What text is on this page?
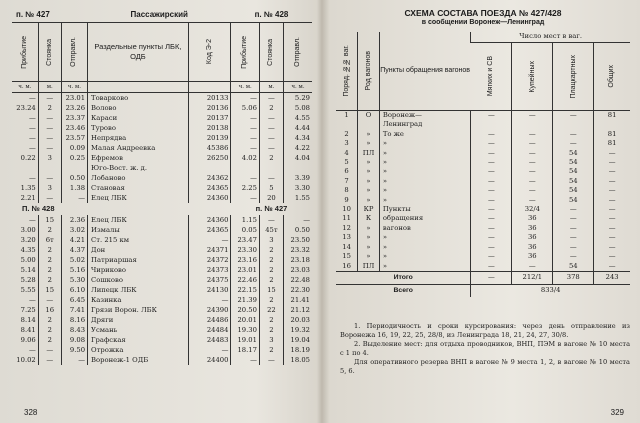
п. № 427			Пассажирский		п. № 428		

Прибытие	Стоянка	Отправл.	Раздельные пункты ЛБК, ОДБ	Код Э-2	Прибытие	Стоянка	Отправл.

ч. м.	м.	ч. м.			ч. м.	м.	ч. м.
—	—	23.01	Товарково	20133	—	—	5.29
23.24	2	23.26	Волово	20136	5.06	2	5.08
—	—	23.37	Караси	20137	—	—	4.55
—	—	23.46	Турово	20138	—	—	4.44
—	—	23.57	Непрядва	20139	—	—	4.34
—	—	0.09	Малая Андреевка	45386	—	—	4.22
0.22	3	0.25	Ефремов	26250	4.02	2	4.04
			Юго-Вост. ж. д.				
—	—	0.50	Лобаново	24362	—	—	3.39
1.35	3	1.38	Становая	24365	2.25	5	3.30
2.21	—	—	Елец ЛБК	24360	—	20	1.55
П. № 428					п. № 427		
—	15	2.36	Елец ЛБК	24360	1.15	—	—
3.00	2	3.02	Измалы	24365	0.05	45т	0.50
3.20	6т	4.21	Ст. 215 км	—	23.47	3	23.50
4.35	2	4.37	Дон	24371	23.30	2	23.32
5.00	2	5.02	Патриаршая	24372	23.16	2	23.18
5.14	2	5.16	Чириково	24373	23.01	2	23.03
5.28	2	5.30	Сошково	24375	22.46	2	22.48
5.55	15	6.10	Липецк ЛБК	24130	22.15	15	22.30
—	—	6.45	Казинка	—	21.39	2	21.41
7.25	16	7.41	Грязи Ворон. ЛБК	24390	20.50	22	21.12
8.14	2	8.16	Дряги	24486	20.01	2	20.03
8.41	2	8.43	Усмань	24484	19.30	2	19.32
9.06	2	9.08	Графская	24483	19.01	3	19.04
—	—	9.50	Отрожка	—	18.17	2	18.19
10.02	—	—	Воронеж-1 ОДБ	24400	—	—	18.05
328
СХЕМА СОСТАВА ПОЕЗДА № 427/428
в сообщении Воронеж—Ленинград
Поряд. №№ ваг.	Род вагонов	Пункты обращения вагонов	Число мест в ваг.			

			Мягких и СВ	Купейных	Плацкартных	Общих

1	О	Воронеж—	—	—	—	81
		Ленинград				
2	»	То же	—	—	—	81
3	»	»	—	—	—	81
4	ПЛ	»	—	—	54	—
5	»	»	—	—	54	—
6	»	»	—	—	54	—
7	»	»	—	—	54	—
8	»	»	—	—	54	—
9	»	»	—	—	54	—
10	КР	Пункты	—	32/4	—	—
11	К	обращения	—	36	—	—
12	»	вагонов	—	36	—	—
13	»	»	—	36	—	—
14	»	»	—	36	—	—
15	»	»	—	36	—	—
16	ПЛ	»	—	—	54	—
Итого			—	212/1	378	243
Всего			833/4			

1. Периодичность и сроки курсирования: через день отправление из Воронежа 16, 19, 22, 25, 28/8, из Ленинграда 18, 21, 24, 27, 30/8.

2. Выделение мест: для отдыха проводников, ВНП, ПЭМ в вагоне № 10 места с 1 по 4.

Для оперативного резерва ВНП в вагоне № 9 места 1, 2, в вагоне № 10 места 5, 6.

329
